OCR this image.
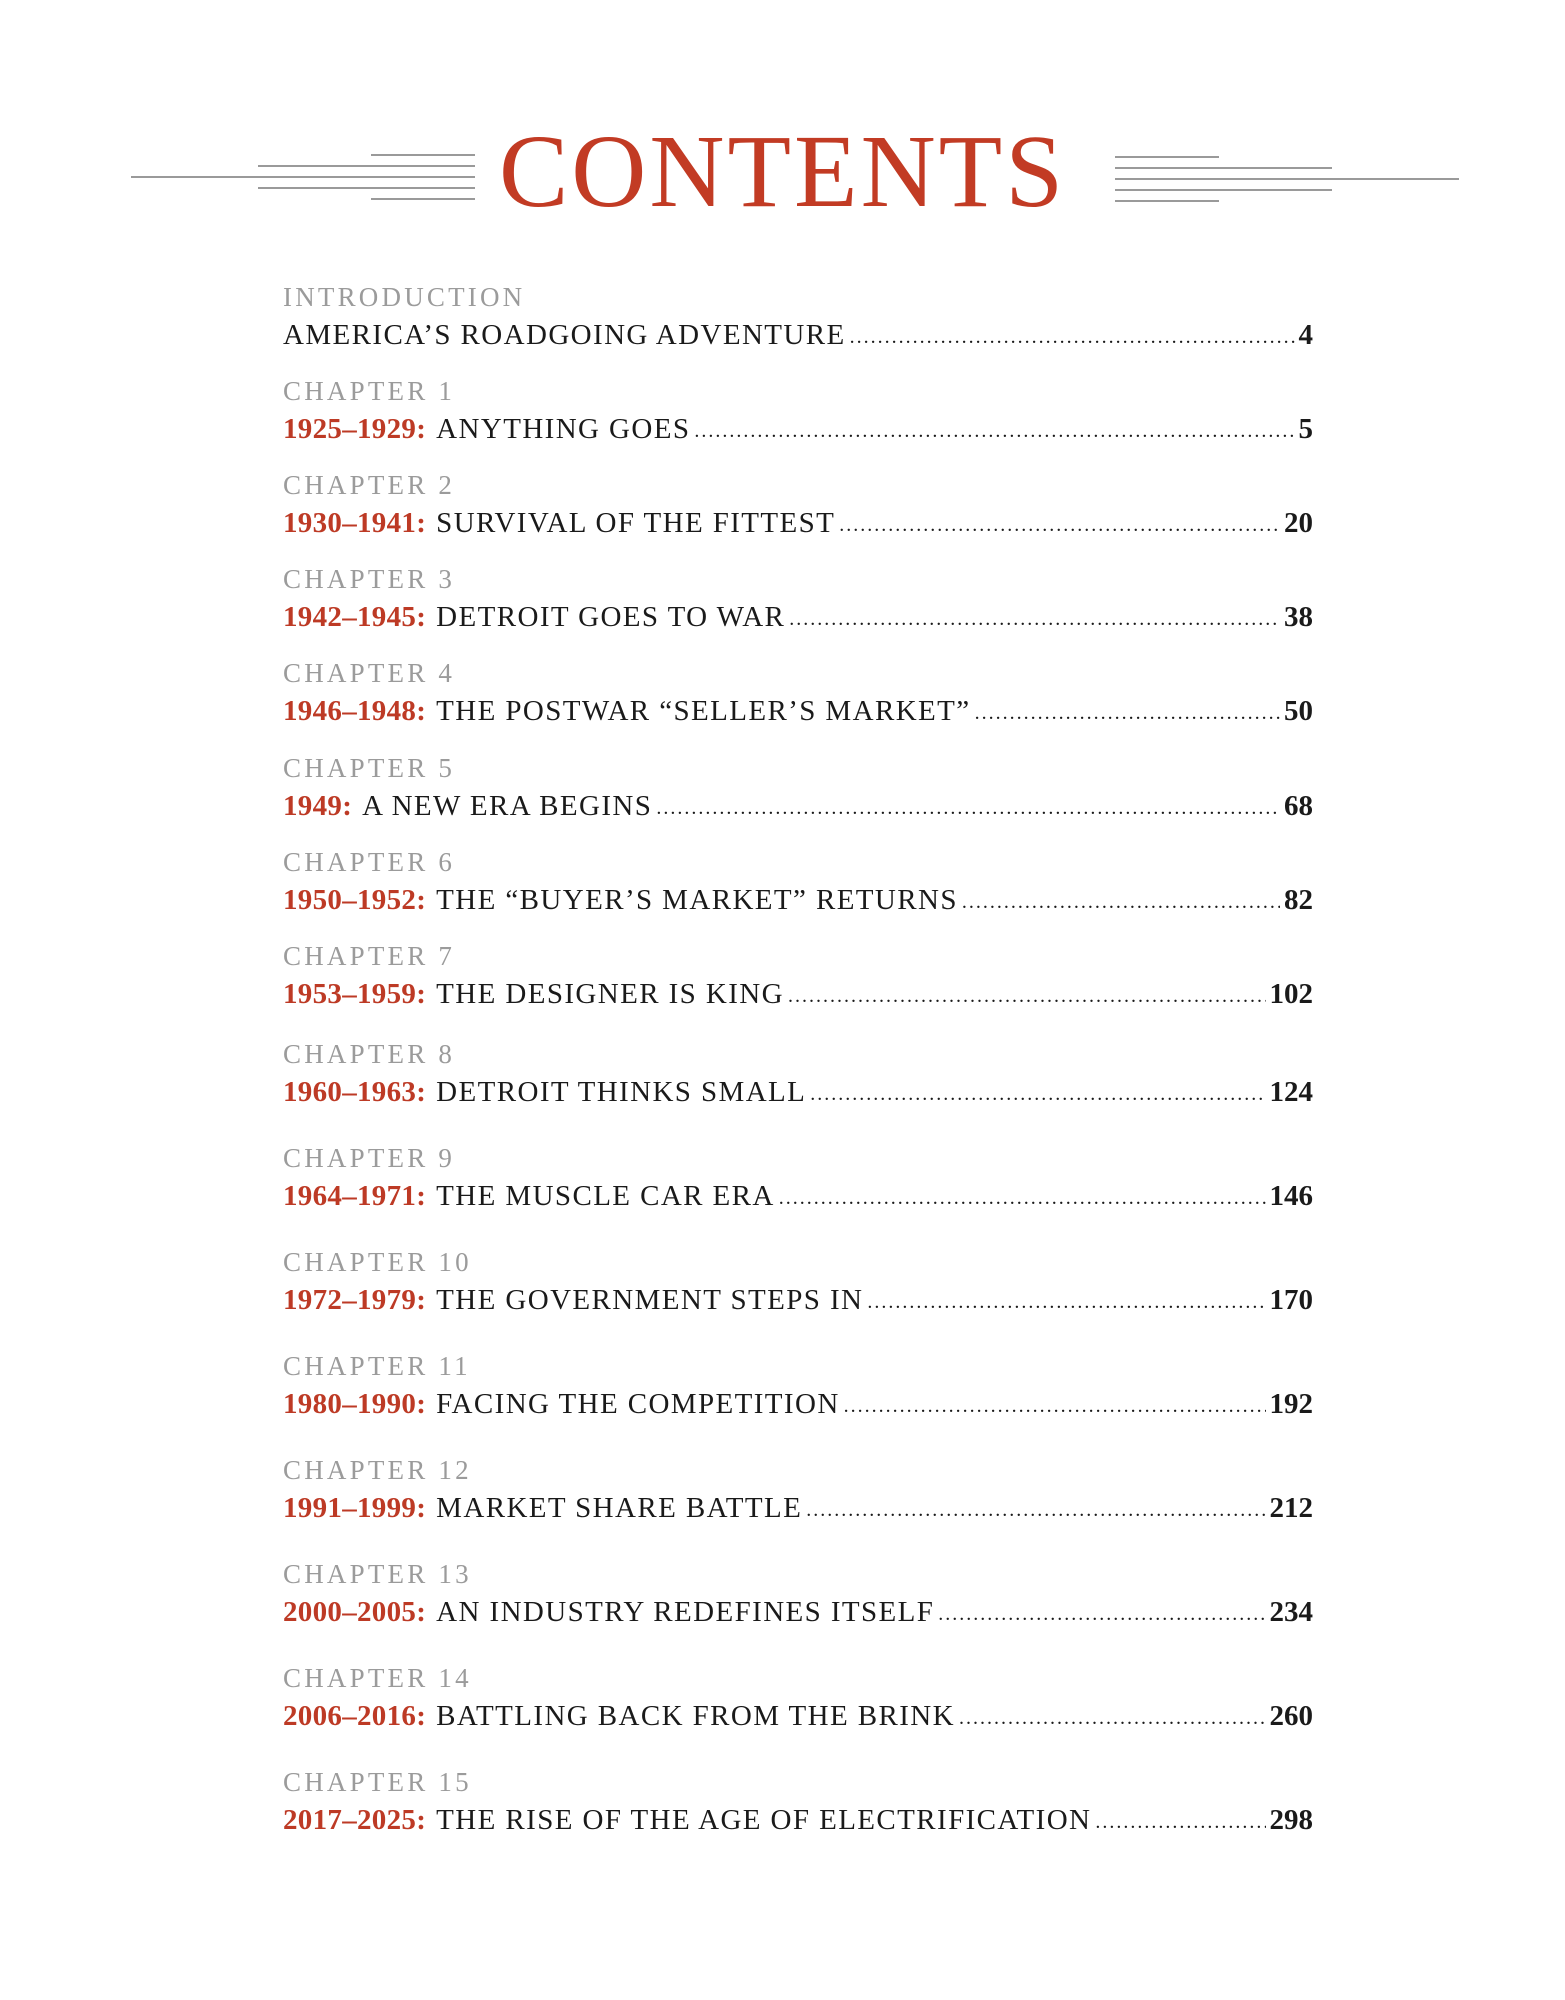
CONTENTS
INTRODUCTION
AMERICA’S ROADGOING ADVENTURE . . .	4
CHAPTER 1
1925–1929: ANYTHING GOES . . .	5
CHAPTER 2
1930–1941: SURVIVAL OF THE FITTEST . . .	20
CHAPTER 3
1942–1945: DETROIT GOES TO WAR . . .	38
CHAPTER 4
1946–1948: THE POSTWAR “SELLER’S MARKET” . . .	50
CHAPTER 5
1949: A NEW ERA BEGINS . . .	68
CHAPTER 6
1950–1952: THE “BUYER’S MARKET” RETURNS . . .	82
CHAPTER 7
1953–1959: THE DESIGNER IS KING . . .	102
CHAPTER 8
1960–1963: DETROIT THINKS SMALL . . .	124
CHAPTER 9
1964–1971: THE MUSCLE CAR ERA . . .	146
CHAPTER 10
1972–1979: THE GOVERNMENT STEPS IN . . .	170
CHAPTER 11
1980–1990: FACING THE COMPETITION . . .	192
CHAPTER 12
1991–1999: MARKET SHARE BATTLE . . .	212
CHAPTER 13
2000–2005: AN INDUSTRY REDEFINES ITSELF . . .	234
CHAPTER 14
2006–2016: BATTLING BACK FROM THE BRINK . . .	260
CHAPTER 15
2017–2025: THE RISE OF THE AGE OF ELECTRIFICATION . . .	298
